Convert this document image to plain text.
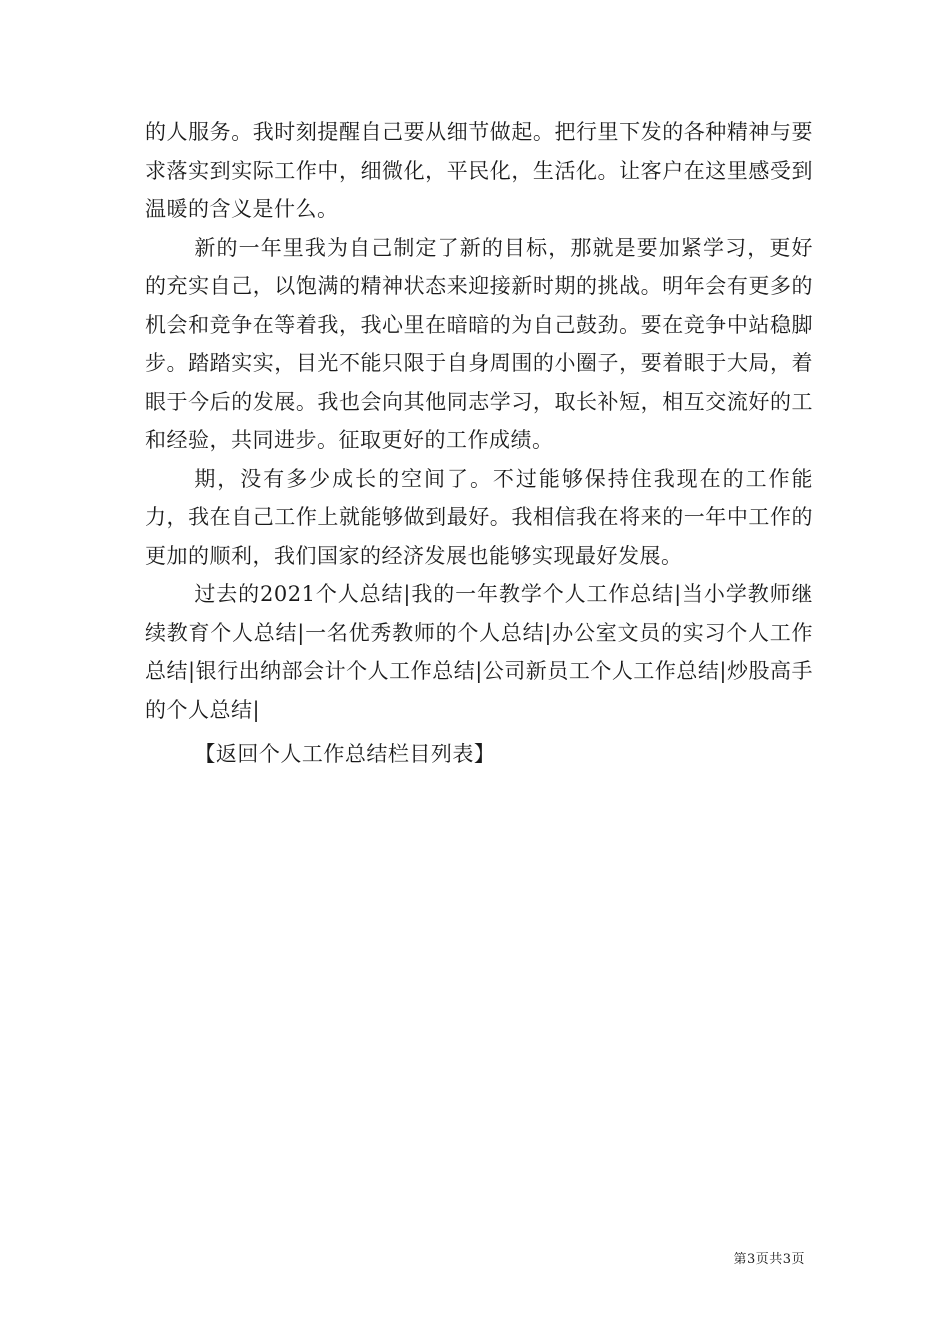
的人服务。我时刻提醒自己要从细节做起。把行里下发的各种精神与要求落实到实际工作中，细微化，平民化，生活化。让客户在这里感受到温暖的含义是什么。

新的一年里我为自己制定了新的目标，那就是要加紧学习，更好的充实自己，以饱满的精神状态来迎接新时期的挑战。明年会有更多的机会和竞争在等着我，我心里在暗暗的为自己鼓劲。要在竞争中站稳脚步。踏踏实实，目光不能只限于自身周围的小圈子，要着眼于大局，着眼于今后的发展。我也会向其他同志学习，取长补短，相互交流好的工和经验，共同进步。征取更好的工作成绩。

期，没有多少成长的空间了。不过能够保持住我现在的工作能力，我在自己工作上就能够做到最好。我相信我在将来的一年中工作的更加的顺利，我们国家的经济发展也能够实现最好发展。

过去的2021个人总结|我的一年教学个人工作总结|当小学教师继续教育个人总结|一名优秀教师的个人总结|办公室文员的实习个人工作总结|银行出纳部会计个人工作总结|公司新员工个人工作总结|炒股高手的个人总结|

【返回个人工作总结栏目列表】

第3页共3页
